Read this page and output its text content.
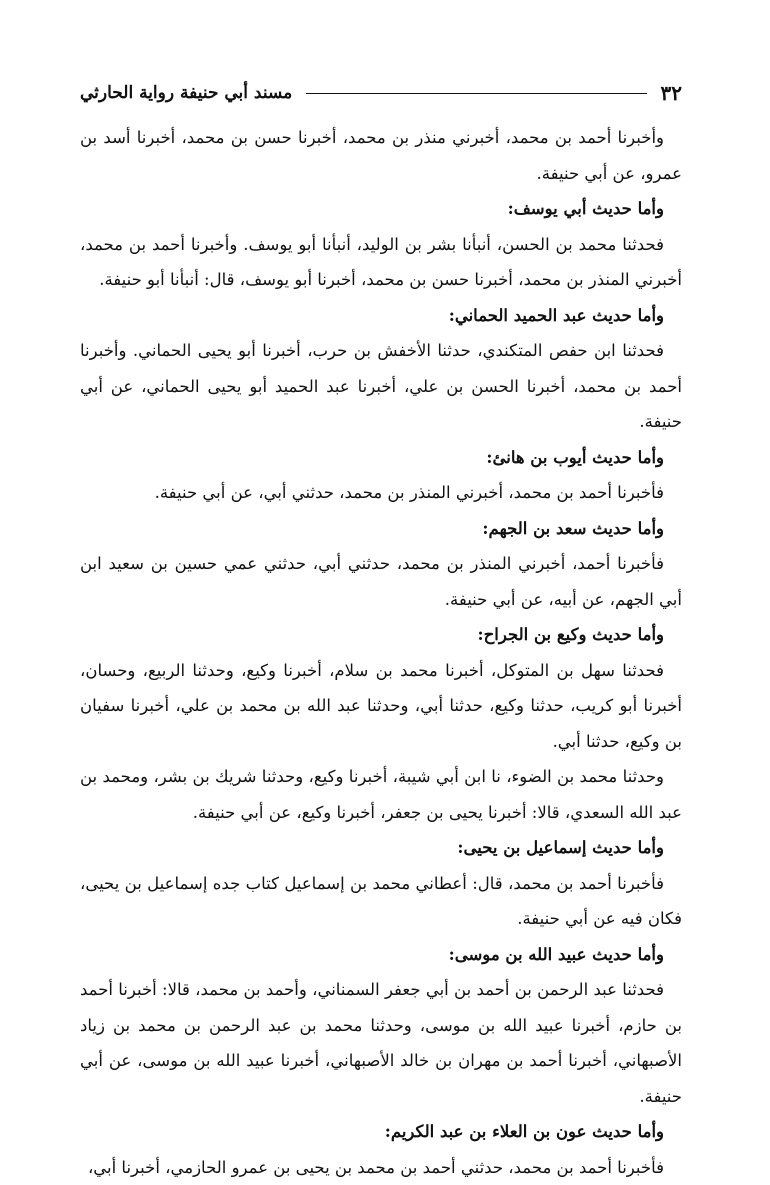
٣٢
مسند أبي حنيفة رواية الحارثي

وأخبرنا أحمد بن محمد، أخبرني منذر بن محمد، أخبرنا حسن بن محمد، أخبرنا أسد بن عمرو، عن أبي حنيفة.

وأما حديث أبي يوسف:

فحدثنا محمد بن الحسن، أنبأنا بشر بن الوليد، أنبأنا أبو يوسف. وأخبرنا أحمد بن محمد، أخبرني المنذر بن محمد، أخبرنا حسن بن محمد، أخبرنا أبو يوسف، قال: أنبأنا أبو حنيفة.

وأما حديث عبد الحميد الحماني:

فحدثنا ابن حفص المتكندي، حدثنا الأخفش بن حرب، أخبرنا أبو يحيى الحماني. وأخبرنا أحمد بن محمد، أخبرنا الحسن بن علي، أخبرنا عبد الحميد أبو يحيى الحماني، عن أبي حنيفة.

وأما حديث أيوب بن هانئ:

فأخبرنا أحمد بن محمد، أخبرني المنذر بن محمد، حدثني أبي، عن أبي حنيفة.

وأما حديث سعد بن الجهم:

فأخبرنا أحمد، أخبرني المنذر بن محمد، حدثني أبي، حدثني عمي حسين بن سعيد ابن أبي الجهم، عن أبيه، عن أبي حنيفة.

وأما حديث وكيع بن الجراح:

فحدثنا سهل بن المتوكل، أخبرنا محمد بن سلام، أخبرنا وكيع، وحدثنا الربيع، وحسان، أخبرنا أبو كريب، حدثنا وكيع، حدثنا أبي، وحدثنا عبد الله بن محمد بن علي، أخبرنا سفيان بن وكيع، حدثنا أبي.

وحدثنا محمد بن الضوء، نا ابن أبي شيبة، أخبرنا وكيع، وحدثنا شريك بن بشر، ومحمد بن عبد الله السعدي، قالا: أخبرنا يحيى بن جعفر، أخبرنا وكيع، عن أبي حنيفة.

وأما حديث إسماعيل بن يحيى:

فأخبرنا أحمد بن محمد، قال: أعطاني محمد بن إسماعيل كتاب جده إسماعيل بن يحيى، فكان فيه عن أبي حنيفة.

وأما حديث عبيد الله بن موسى:

فحدثنا عبد الرحمن بن أحمد بن أبي جعفر السمناني، وأحمد بن محمد، قالا: أخبرنا أحمد بن حازم، أخبرنا عبيد الله بن موسى، وحدثنا محمد بن عبد الرحمن بن محمد بن زياد الأصبهاني، أخبرنا أحمد بن مهران بن خالد الأصبهاني، أخبرنا عبيد الله بن موسى، عن أبي حنيفة.

وأما حديث عون بن العلاء بن عبد الكريم:

فأخبرنا أحمد بن محمد، حدثني أحمد بن محمد بن يحيى بن عمرو الحازمي، أخبرنا أبي،
